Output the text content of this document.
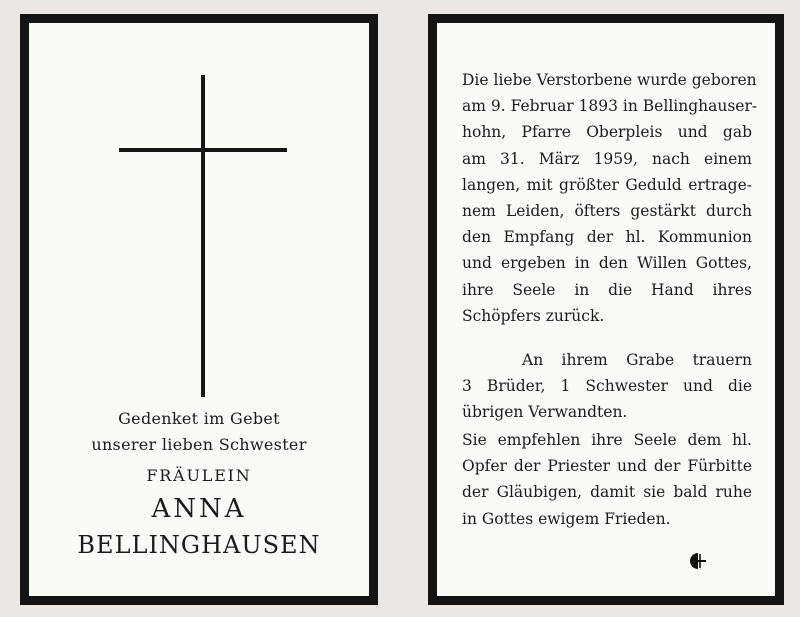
Gedenket im Gebet
unserer lieben Schwester
FRÄULEIN
ANNA
BELLINGHAUSEN
Die liebe Verstorbene wurde geboren
am 9. Februar 1893 in Bellinghauser-
hohn, Pfarre Oberpleis und gab
am 31. März 1959, nach einem
langen, mit größter Geduld ertrage-
nem Leiden, öfters gestärkt durch
den Empfang der hl. Kommunion
und ergeben in den Willen Gottes,
ihre Seele in die Hand ihres
Schöpfers zurück.
An ihrem Grabe trauern
3 Brüder, 1 Schwester und die
übrigen Verwandten.
Sie empfehlen ihre Seele dem hl.
Opfer der Priester und der Fürbitte
der Gläubigen, damit sie bald ruhe
in Gottes ewigem Frieden.
